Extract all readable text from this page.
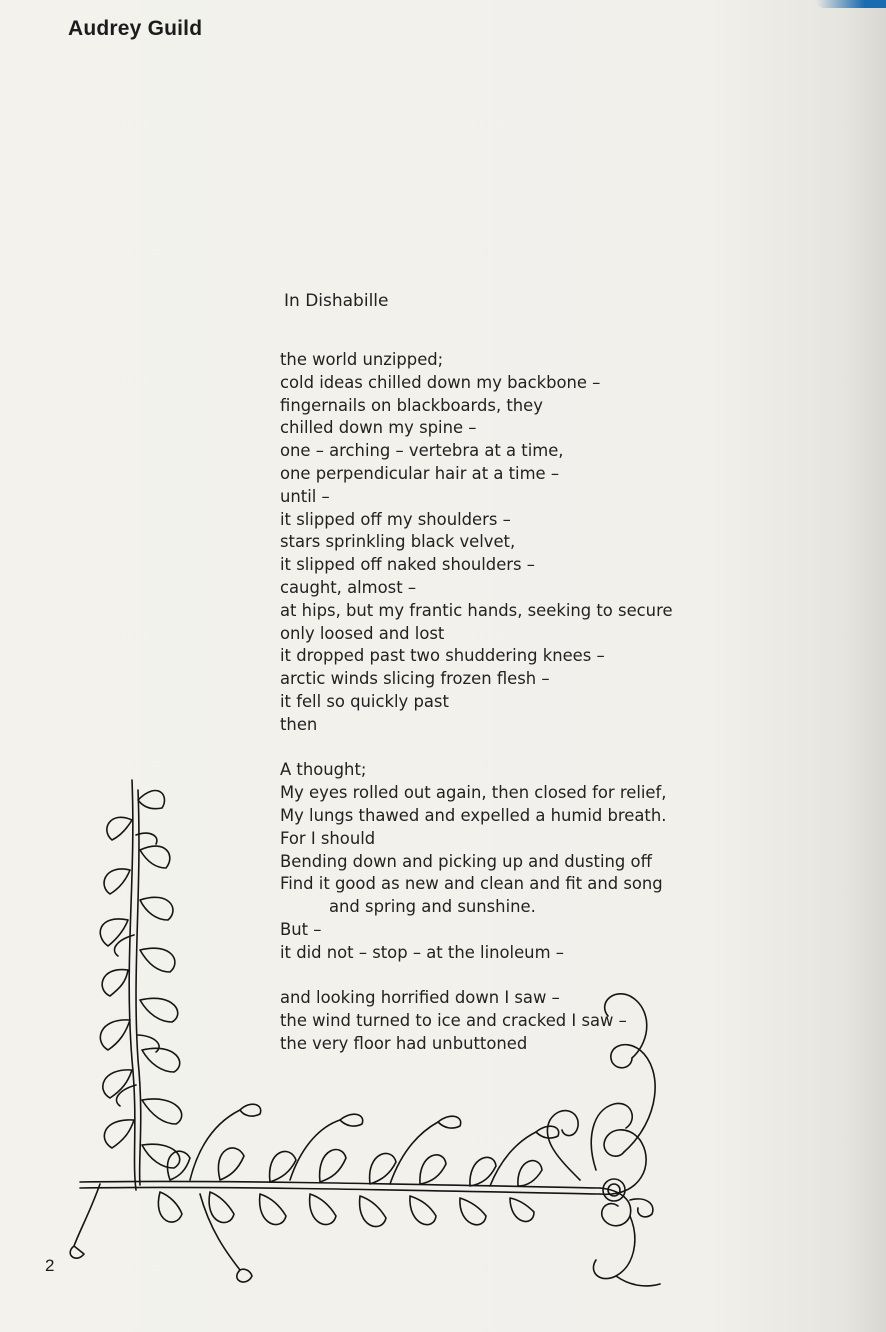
Audrey Guild
In Dishabille
the world unzipped;
cold ideas chilled down my backbone –
fingernails on blackboards, they
chilled down my spine –
one – arching – vertebra at a time,
one perpendicular hair at a time –
until –
it slipped off my shoulders –
stars sprinkling black velvet,
it slipped off naked shoulders –
caught, almost –
at hips, but my frantic hands, seeking to secure
only loosed and lost
it dropped past two shuddering knees –
arctic winds slicing frozen flesh –
it fell so quickly past
then
A thought;
My eyes rolled out again, then closed for relief,
My lungs thawed and expelled a humid breath.
For I should
Bending down and picking up and dusting off
Find it good as new and clean and fit and song
and spring and sunshine.
But –
it did not – stop – at the linoleum –
and looking horrified down I saw –
the wind turned to ice and cracked I saw –
the very floor had unbuttoned
2
